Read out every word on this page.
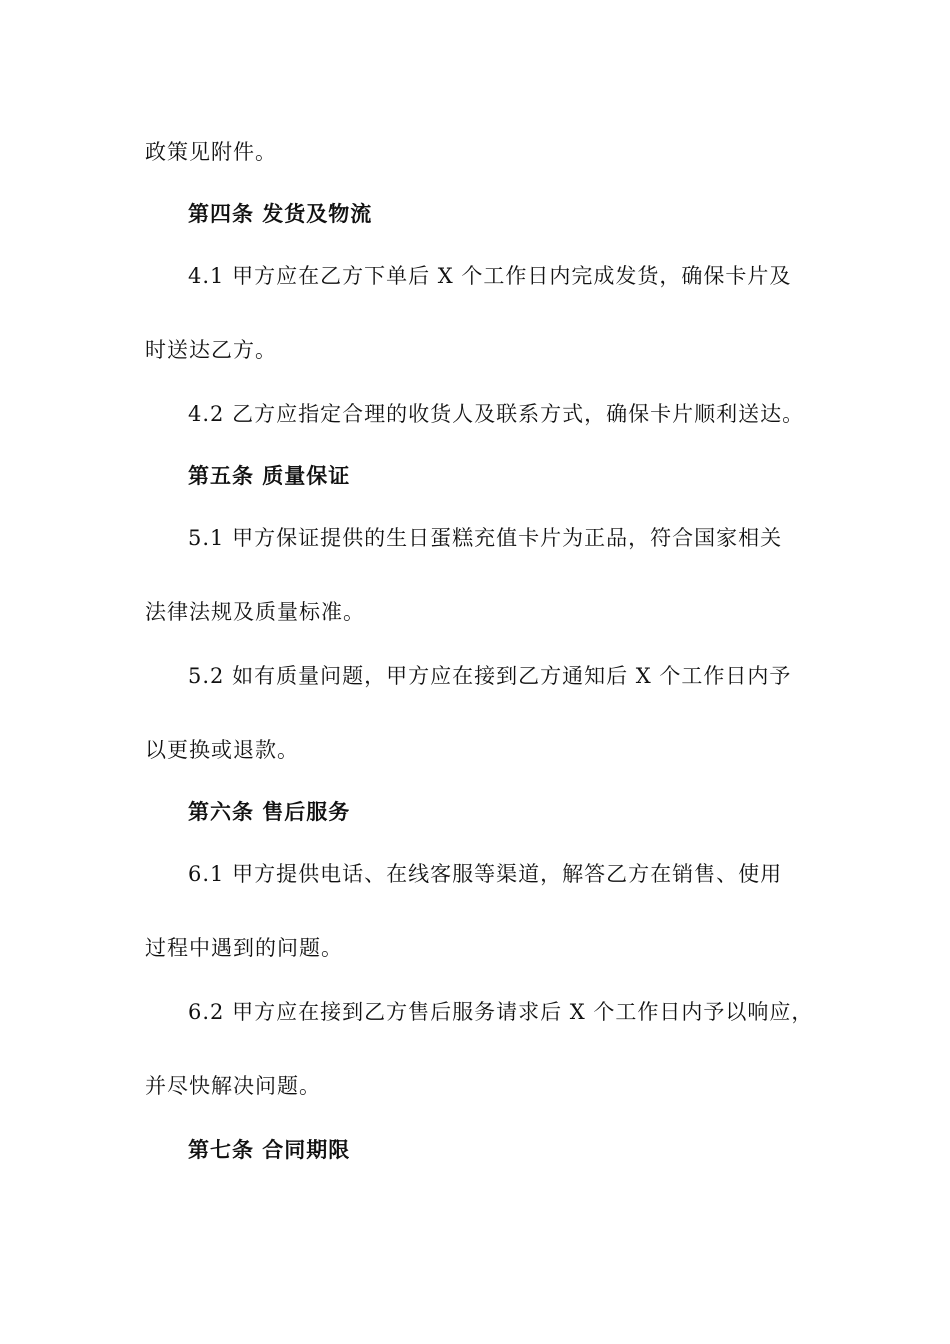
政策见附件。
第四条 发货及物流
4.1 甲方应在乙方下单后 X 个工作日内完成发货，确保卡片及
时送达乙方。
4.2 乙方应指定合理的收货人及联系方式，确保卡片顺利送达。
第五条 质量保证
5.1 甲方保证提供的生日蛋糕充值卡片为正品，符合国家相关
法律法规及质量标准。
5.2 如有质量问题，甲方应在接到乙方通知后 X 个工作日内予
以更换或退款。
第六条 售后服务
6.1 甲方提供电话、在线客服等渠道，解答乙方在销售、使用
过程中遇到的问题。
6.2 甲方应在接到乙方售后服务请求后 X 个工作日内予以响应，
并尽快解决问题。
第七条 合同期限
